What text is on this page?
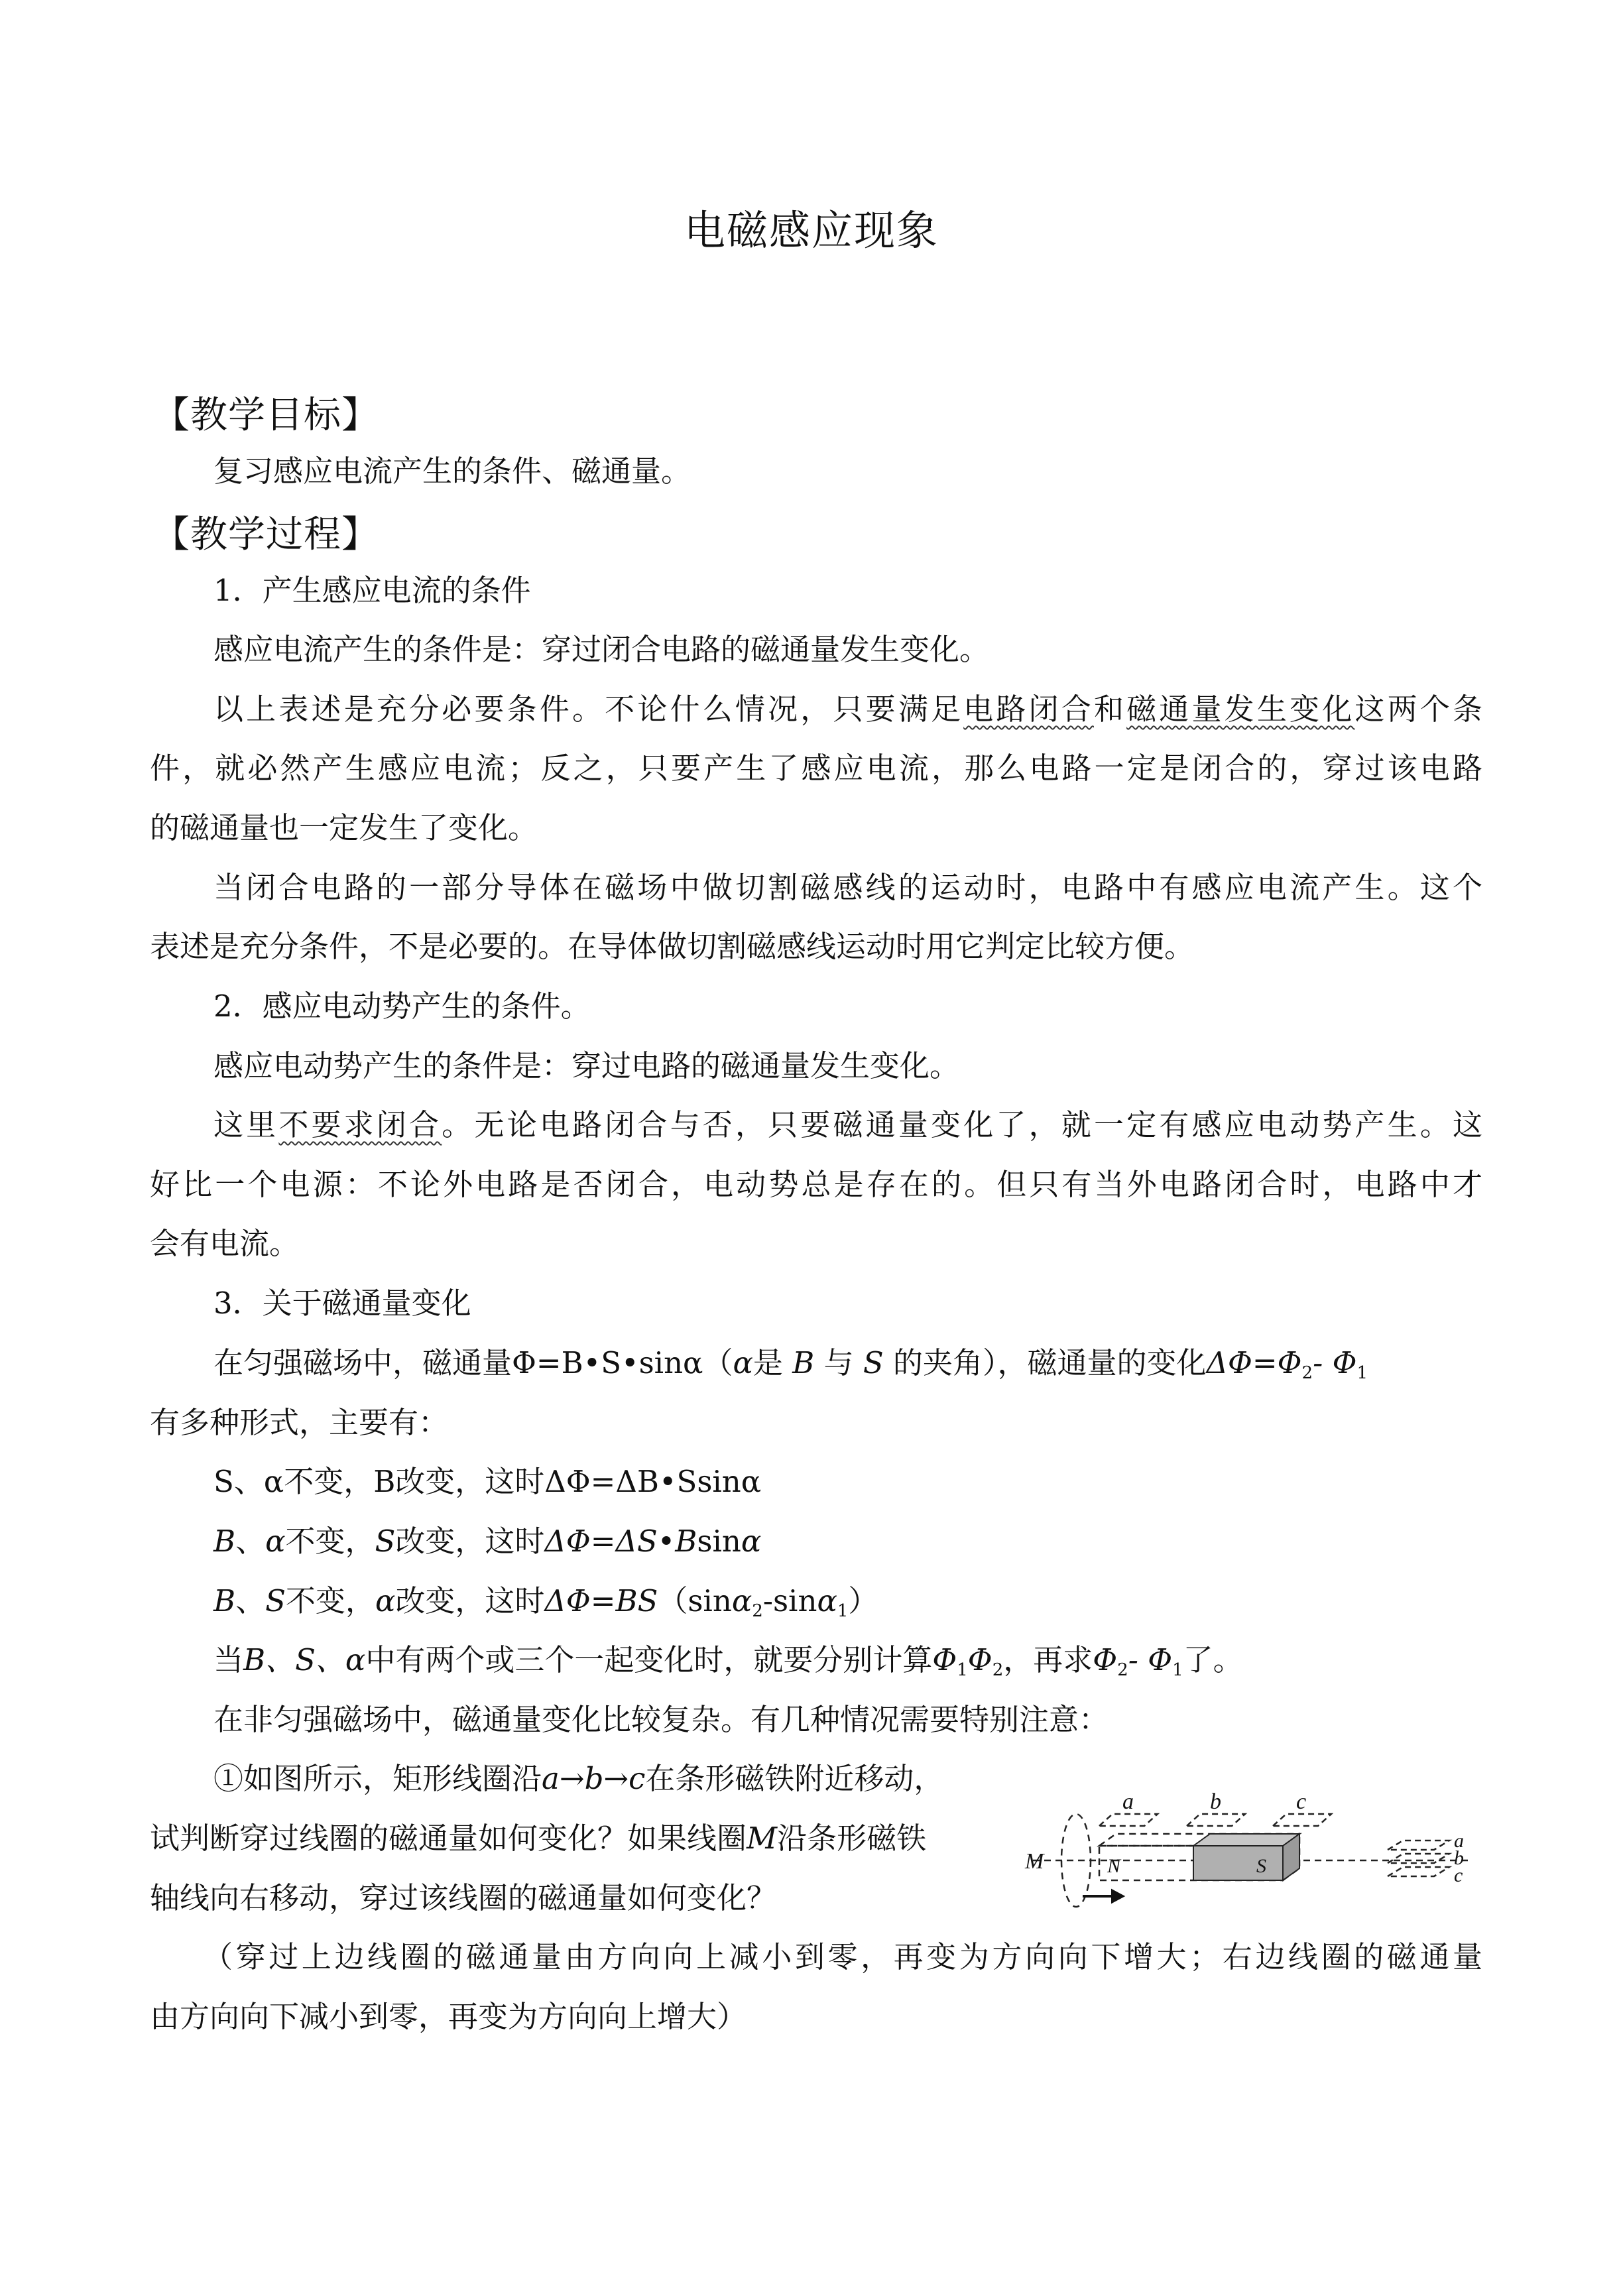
电磁感应现象
【教学目标】
复习感应电流产生的条件、磁通量。
【教学过程】
1．产生感应电流的条件
感应电流产生的条件是：穿过闭合电路的磁通量发生变化。
以上表述是充分必要条件。不论什么情况，只要满足电路闭合和磁通量发生变化这两个条
件，就必然产生感应电流；反之，只要产生了感应电流，那么电路一定是闭合的，穿过该电路
的磁通量也一定发生了变化。
当闭合电路的一部分导体在磁场中做切割磁感线的运动时，电路中有感应电流产生。这个
表述是充分条件，不是必要的。在导体做切割磁感线运动时用它判定比较方便。
2．感应电动势产生的条件。
感应电动势产生的条件是：穿过电路的磁通量发生变化。
这里不要求闭合。无论电路闭合与否，只要磁通量变化了，就一定有感应电动势产生。这
好比一个电源：不论外电路是否闭合，电动势总是存在的。但只有当外电路闭合时，电路中才
会有电流。
3．关于磁通量变化
在匀强磁场中，磁通量Φ=B•S•sinα（α是 B 与 S 的夹角），磁通量的变化$\Delta\Phi=\Phi_2-$ $\Phi_1$
有多种形式，主要有：
S、α不变，B改变，这时ΔΦ=ΔB•Ssinα
B、α不变，S改变，这时ΔΦ=ΔS•Bsinα
B、S不变，α改变，这时ΔΦ=BS（sinα$_2$-sinα$_1$）
当B、S、α中有两个或三个一起变化时，就要分别计算$\Phi_1\Phi_2$，再求$\Phi_2-$ $\Phi_1$了。
在非匀强磁场中，磁通量变化比较复杂。有几种情况需要特别注意：
①如图所示，矩形线圈沿a→b→c在条形磁铁附近移动，
试判断穿过线圈的磁通量如何变化？如果线圈M沿条形磁铁
轴线向右移动，穿过该线圈的磁通量如何变化？
（穿过上边线圈的磁通量由方向向上减小到零，再变为方向向下增大；右边线圈的磁通量
由方向向下减小到零，再变为方向向上增大）
a	b	c
M	N	S
a
b
c
